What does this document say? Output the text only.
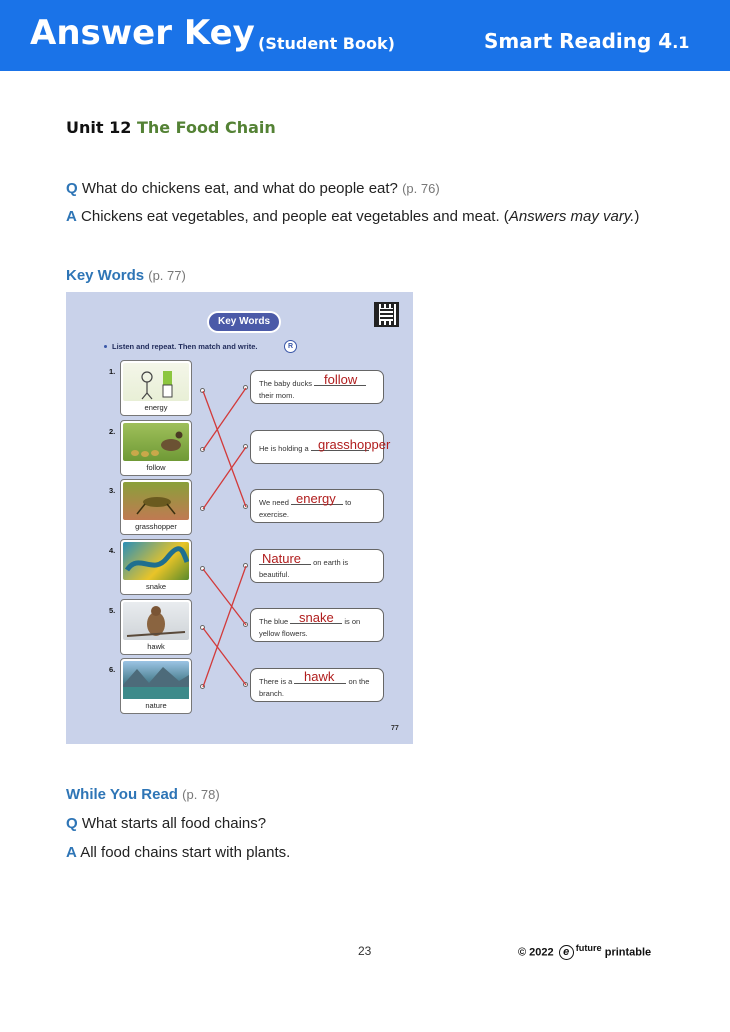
Answer Key (Student Book)	Smart Reading 4.1
Unit 12 The Food Chain
Q What do chickens eat, and what do people eat? (p. 76)
A Chickens eat vegetables, and people eat vegetables and meat. (Answers may vary.)
Key Words (p. 77)
Key Words
Listen and repeat. Then match and write.	R
1.
energy
2.
follow
3.
grasshopper
4.
snake
5.
hawk
6.
nature
The baby ducks
their mom.
He is holding a
We need	to
exercise.
on earth is
beautiful.
The blue	is on
yellow flowers.
There is a	on the
branch.
follow
grasshopper
energy
Nature
snake
hawk
77
While You Read (p. 78)
Q What starts all food chains?
A All food chains start with plants.
23	© 2022 e $^{future}$ printable
